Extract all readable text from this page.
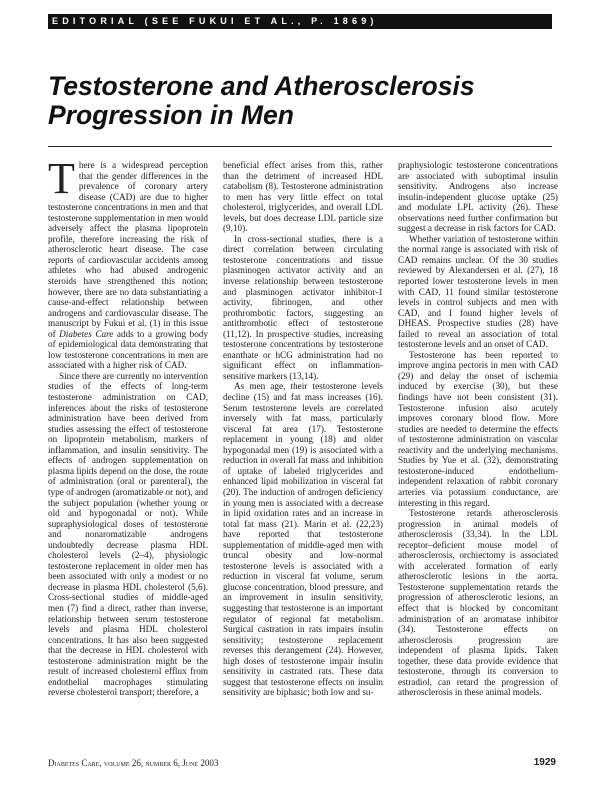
EDITORIAL (SEE FUKUI ET AL., P. 1869)
Testosterone and Atherosclerosis Progression in Men

There is a widespread perception that the gender differences in the prevalence of coronary artery disease (CAD) are due to higher testosterone concentrations in men and that testosterone supplementation in men would adversely affect the plasma lipoprotein profile, therefore increasing the risk of atherosclerotic heart disease. The case reports of cardiovascular accidents among athletes who had abused androgenic steroids have strengthened this notion; however, there are no data substantiating a cause-and-effect relationship between androgens and cardiovascular disease. The manuscript by Fukui et al. (1) in this issue of Diabetes Care adds to a growing body of epidemiological data demonstrating that low testosterone concentrations in men are associated with a higher risk of CAD.

Since there are currently no intervention studies of the effects of long-term testosterone administration on CAD, inferences about the risks of testosterone administration have been derived from studies assessing the effect of testosterone on lipoprotein metabolism, markers of inflammation, and insulin sensitivity. The effects of androgen supplementation on plasma lipids depend on the dose, the route of administration (oral or parenteral), the type of androgen (aromatizable or not), and the subject population (whether young or old and hypogonadal or not). While supraphysiological doses of testosterone and nonaromatizable androgens undoubtedly decrease plasma HDL cholesterol levels (2–4), physiologic testosterone replacement in older men has been associated with only a modest or no decrease in plasma HDL cholesterol (5,6). Cross-sectional studies of middle-aged men (7) find a direct, rather than inverse, relationship between serum testosterone levels and plasma HDL cholesterol concentrations. It has also been suggested that the decrease in HDL cholesterol with testosterone administration might be the result of increased cholesterol efflux from endothelial macrophages stimulating reverse cholesterol transport; therefore, a

beneficial effect arises from this, rather than the detriment of increased HDL catabolism (8). Testosterone administration to men has very little effect on total cholesterol, triglycerides, and overall LDL levels, but does decrease LDL particle size (9,10).

In cross-sectional studies, there is a direct correlation between circulating testosterone concentrations and tissue plasminogen activator activity and an inverse relationship between testosterone and plasminogen activator inhibitor-1 activity, fibrinogen, and other prothrombotic factors, suggesting an antithrombotic effect of testosterone (11,12). In prospective studies, increasing testosterone concentrations by testosterone enanthate or hCG administration had no significant effect on inflammation-sensitive markers (13,14).

As men age, their testosterone levels decline (15) and fat mass increases (16). Serum testosterone levels are correlated inversely with fat mass, particularly visceral fat area (17). Testosterone replacement in young (18) and older hypogonadal men (19) is associated with a reduction in overall fat mass and inhibition of uptake of labeled triglycerides and enhanced lipid mobilization in visceral fat (20). The induction of androgen deficiency in young men is associated with a decrease in lipid oxidation rates and an increase in total fat mass (21). Marin et al. (22,23) have reported that testosterone supplementation of middle-aged men with truncal obesity and low-normal testosterone levels is associated with a reduction in visceral fat volume, serum glucose concentration, blood pressure, and an improvement in insulin sensitivity, suggesting that testosterone is an important regulator of regional fat metabolism. Surgical castration in rats impairs insulin sensitivity; testosterone replacement reverses this derangement (24). However, high doses of testosterone impair insulin sensitivity in castrated rats. These data suggest that testosterone effects on insulin sensitivity are biphasic; both low and su-

praphysiologic testosterone concentrations are associated with suboptimal insulin sensitivity. Androgens also increase insulin-independent glucose uptake (25) and modulate LPL activity (26). These observations need further confirmation but suggest a decrease in risk factors for CAD.

Whether variation of testosterone within the normal range is associated with risk of CAD remains unclear. Of the 30 studies reviewed by Alexandersen et al. (27), 18 reported lower testosterone levels in men with CAD, 11 found similar testosterone levels in control subjects and men with CAD, and I found higher levels of DHEAS. Prospective studies (28) have failed to reveal an association of total testosterone levels and an onset of CAD.

Testosterone has been reported to improve angina pectoris in men with CAD (29) and delay the onset of ischemia induced by exercise (30), but these findings have not been consistent (31). Testosterone infusion also acutely improves coronary blood flow. More studies are needed to determine the effects of testosterone administration on vascular reactivity and the underlying mechanisms. Studies by Yue et al. (32), demonstrating testosterone-induced endothelium-independent relaxation of rabbit coronary arteries via potassium conductance, are interesting in this regard.

Testosterone retards atherosclerosis progression in animal models of atherosclerosis (33,34). In the LDL receptor–deficient mouse model of atherosclerosis, orchiectomy is associated with accelerated formation of early atherosclerotic lesions in the aorta. Testosterone supplementation retards the progression of atherosclerotic lesions, an effect that is blocked by concomitant administration of an aromatase inhibitor (34). Testosterone effects on atherosclerosis progression are independent of plasma lipids. Taken together, these data provide evidence that testosterone, through its conversion to estradiol, can retard the progression of atherosclerosis in these animal models.

Diabetes Care, volume 26, number 6, June 2003	1929
